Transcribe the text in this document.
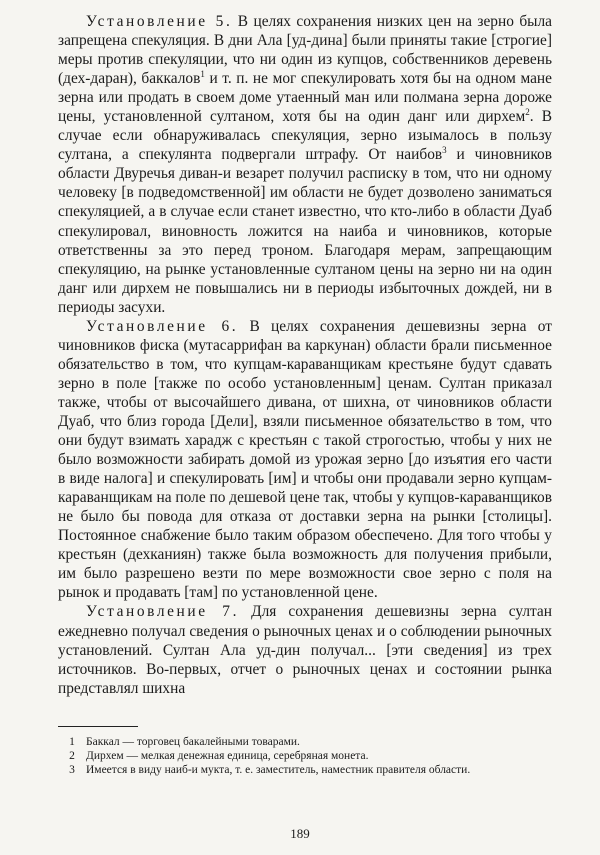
Установление 5. В целях сохранения низких цен на зерно была запрещена спекуляция. В дни Ала [уд-дина] были приняты такие [строгие] меры против спекуляции, что ни один из купцов, собственников деревень (дех-даран), баккалов$^1$ и т. п. не мог спекулировать хотя бы на одном мане зерна или продать в своем доме утаенный ман или полмана зерна дороже цены, установленной султаном, хотя бы на один данг или дирхем$^2$. В случае если обнаруживалась спекуляция, зерно изымалось в пользу султана, а спекулянта подвергали штрафу. От наибов$^3$ и чиновников области Двуречья диван-и везарет получил расписку в том, что ни одному человеку [в подведомственной] им области не будет дозволено заниматься спекуляцией, а в случае если станет известно, что кто-либо в области Дуаб спекулировал, виновность ложится на наиба и чиновников, которые ответственны за это перед троном. Благодаря мерам, запрещающим спекуляцию, на рынке установленные султаном цены на зерно ни на один данг или дирхем не повышались ни в периоды избыточных дождей, ни в периоды засухи.

Установление 6. В целях сохранения дешевизны зерна от чиновников фиска (мутасаррифан ва каркунан) области брали письменное обязательство в том, что купцам-караванщикам крестьяне будут сдавать зерно в поле [также по особо установленным] ценам. Султан приказал также, чтобы от высочайшего дивана, от шихна, от чиновников области Дуаб, что близ города [Дели], взяли письменное обязательство в том, что они будут взимать харадж с крестьян с такой строгостью, чтобы у них не было возможности забирать домой из урожая зерно [до изъятия его части в виде налога] и спекулировать [им] и чтобы они продавали зерно купцам-караванщикам на поле по дешевой цене так, чтобы у купцов-караванщиков не было бы повода для отказа от доставки зерна на рынки [столицы]. Постоянное снабжение было таким образом обеспечено. Для того чтобы у крестьян (дехканиян) также была возможность для получения прибыли, им было разрешено везти по мере возможности свое зерно с поля на рынок и продавать [там] по установленной цене.

Установление 7. Для сохранения дешевизны зерна султан ежедневно получал сведения о рыночных ценах и о соблюдении рыночных установлений. Султан Ала уд-дин получал... [эти сведения] из трех источников. Во-первых, отчет о рыночных ценах и состоянии рынка представлял шихна

1 Баккал — торговец бакалейными товарами.
2 Дирхем — мелкая денежная единица, серебряная монета.
3 Имеется в виду наиб-и мукта, т. е. заместитель, наместник правителя области.
189
